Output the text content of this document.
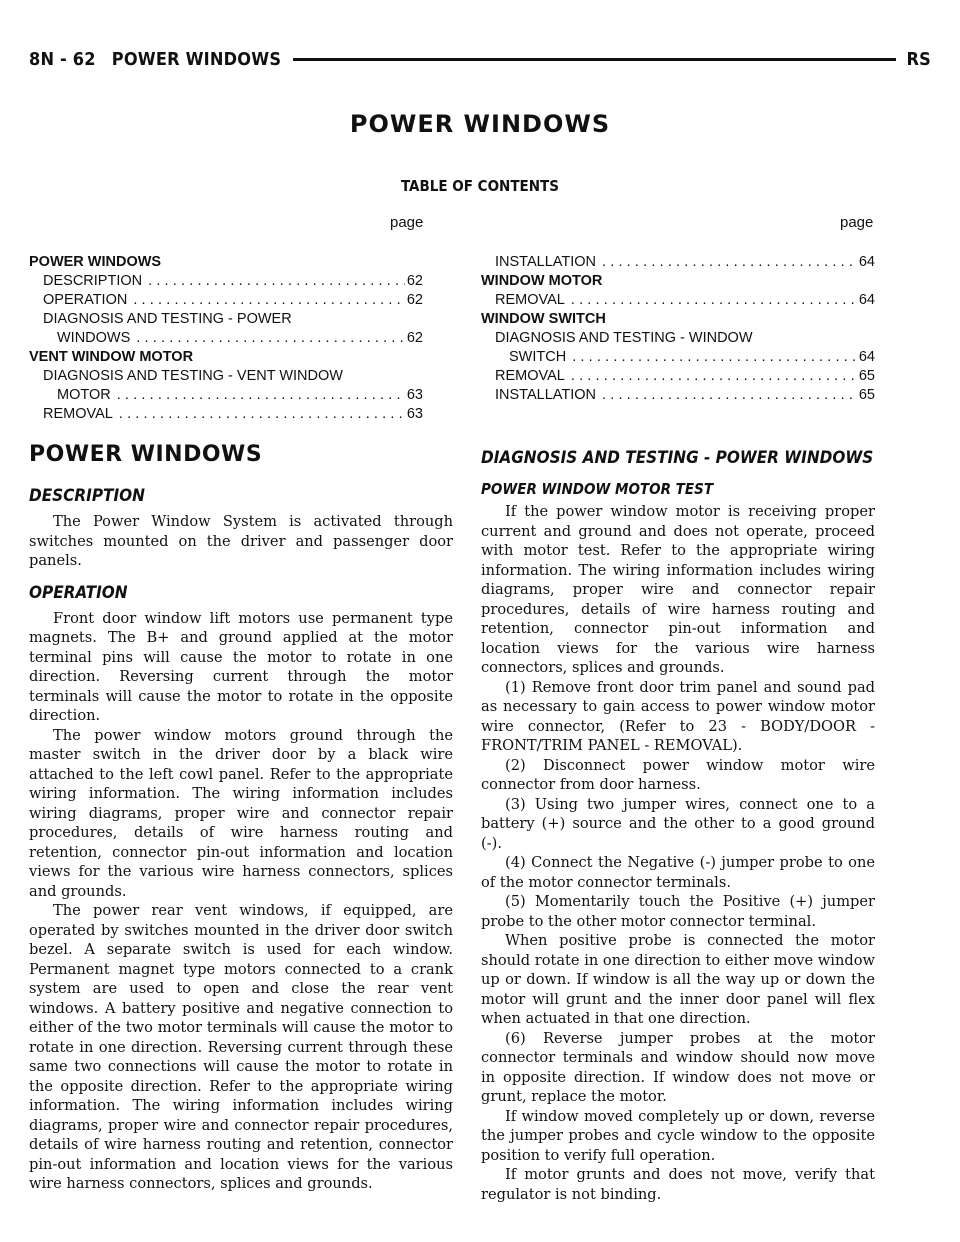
8N - 62 POWER WINDOWS	RS
POWER WINDOWS
TABLE OF CONTENTS
page	page
POWER WINDOWS
DESCRIPTION .....	62
OPERATION .....	62
DIAGNOSIS AND TESTING - POWER
WINDOWS .....	62
VENT WINDOW MOTOR
DIAGNOSIS AND TESTING - VENT WINDOW
MOTOR .....	63
REMOVAL .....	63
INSTALLATION .....	64
WINDOW MOTOR
REMOVAL .....	64
WINDOW SWITCH
DIAGNOSIS AND TESTING - WINDOW
SWITCH .....	64
REMOVAL .....	65
INSTALLATION .....	65
POWER WINDOWS
DESCRIPTION

The Power Window System is activated through switches mounted on the driver and passenger door panels.

OPERATION

Front door window lift motors use permanent type magnets. The B+ and ground applied at the motor terminal pins will cause the motor to rotate in one direction. Reversing current through the motor terminals will cause the motor to rotate in the opposite direction.

The power window motors ground through the master switch in the driver door by a black wire attached to the left cowl panel. Refer to the appropriate wiring information. The wiring information includes wiring diagrams, proper wire and connector repair procedures, details of wire harness routing and retention, connector pin-out information and location views for the various wire harness connectors, splices and grounds.

The power rear vent windows, if equipped, are operated by switches mounted in the driver door switch bezel. A separate switch is used for each window. Permanent magnet type motors connected to a crank system are used to open and close the rear vent windows. A battery positive and negative connection to either of the two motor terminals will cause the motor to rotate in one direction. Reversing current through these same two connections will cause the motor to rotate in the opposite direction. Refer to the appropriate wiring information. The wiring information includes wiring diagrams, proper wire and connector repair procedures, details of wire harness routing and retention, connector pin-out information and location views for the various wire harness connectors, splices and grounds.

DIAGNOSIS AND TESTING - POWER WINDOWS
POWER WINDOW MOTOR TEST

If the power window motor is receiving proper current and ground and does not operate, proceed with motor test. Refer to the appropriate wiring information. The wiring information includes wiring diagrams, proper wire and connector repair procedures, details of wire harness routing and retention, connector pin-out information and location views for the various wire harness connectors, splices and grounds.

(1) Remove front door trim panel and sound pad as necessary to gain access to power window motor wire connector, (Refer to 23 - BODY/DOOR - FRONT/TRIM PANEL - REMOVAL).

(2) Disconnect power window motor wire connector from door harness.

(3) Using two jumper wires, connect one to a battery (+) source and the other to a good ground (-).

(4) Connect the Negative (-) jumper probe to one of the motor connector terminals.

(5) Momentarily touch the Positive (+) jumper probe to the other motor connector terminal.

When positive probe is connected the motor should rotate in one direction to either move window up or down. If window is all the way up or down the motor will grunt and the inner door panel will flex when actuated in that one direction.

(6) Reverse jumper probes at the motor connector terminals and window should now move in opposite direction. If window does not move or grunt, replace the motor.

If window moved completely up or down, reverse the jumper probes and cycle window to the opposite position to verify full operation.

If motor grunts and does not move, verify that regulator is not binding.
